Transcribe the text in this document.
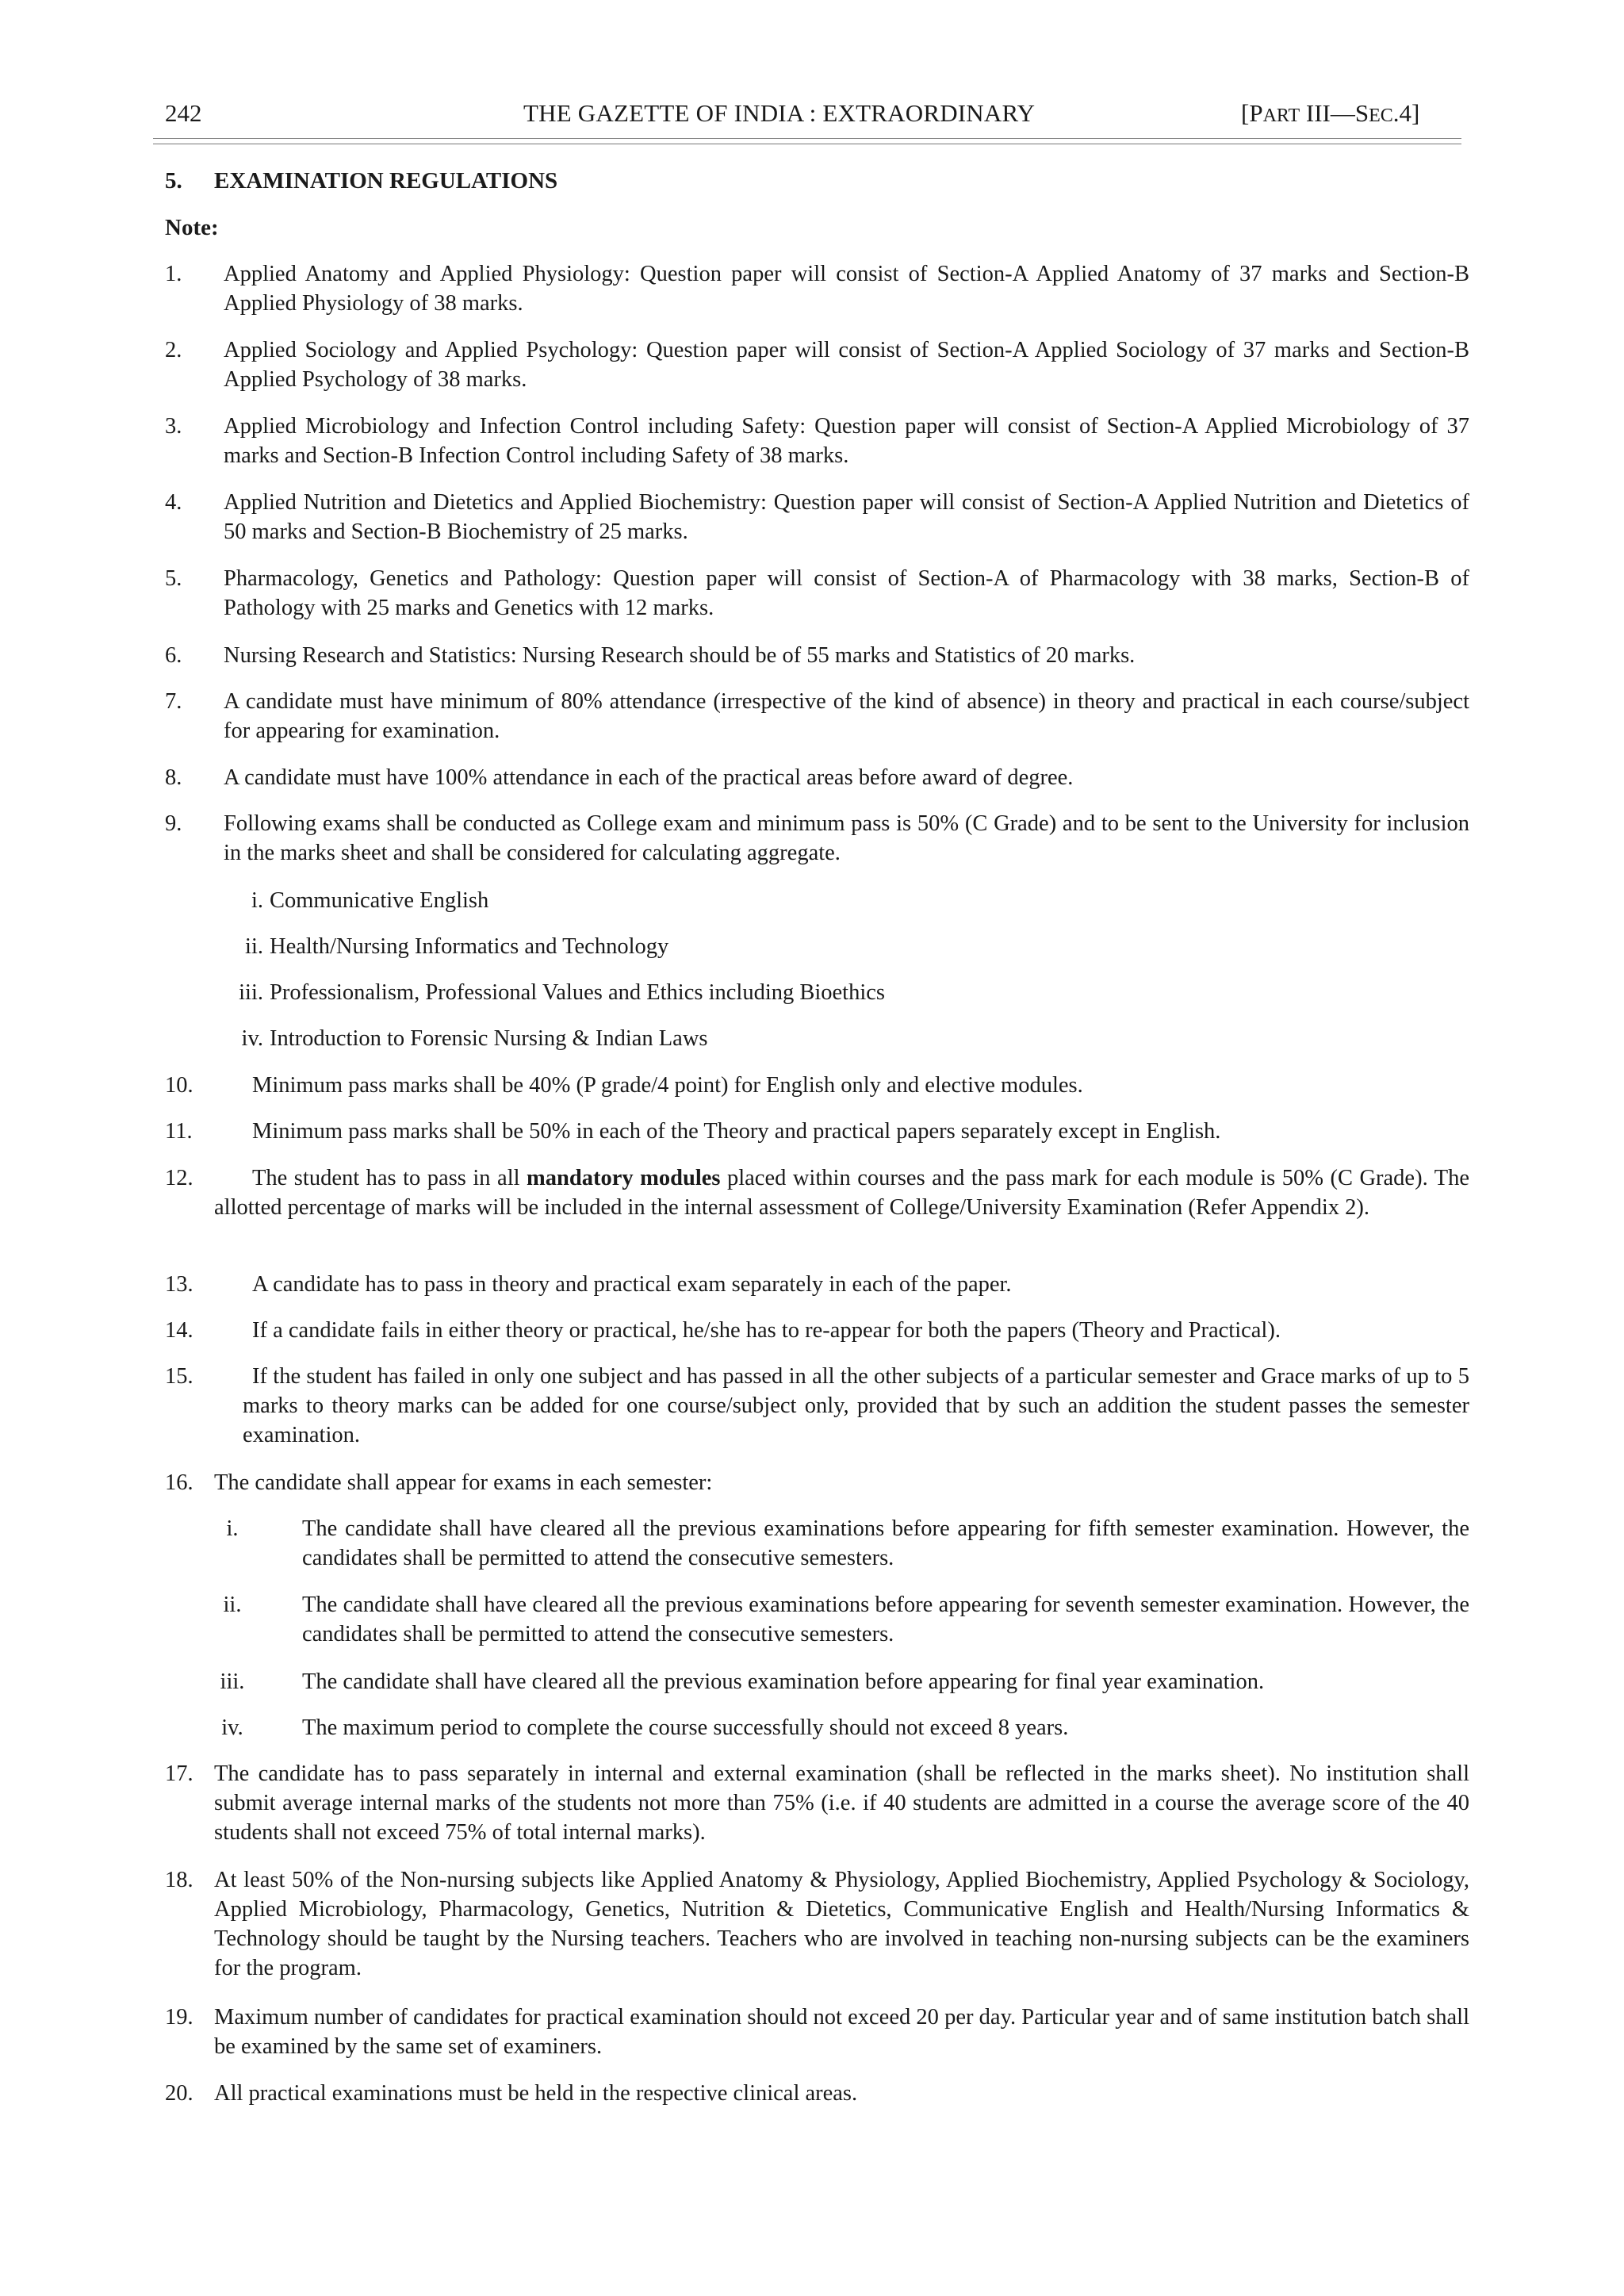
242	THE GAZETTE OF INDIA : EXTRAORDINARY	[PART III—SEC.4]
5. EXAMINATION REGULATIONS
Note:
1. Applied Anatomy and Applied Physiology: Question paper will consist of Section-A Applied Anatomy of 37 marks and Section-B Applied Physiology of 38 marks.
2. Applied Sociology and Applied Psychology: Question paper will consist of Section-A Applied Sociology of 37 marks and Section-B Applied Psychology of 38 marks.
3. Applied Microbiology and Infection Control including Safety: Question paper will consist of Section-A Applied Microbiology of 37 marks and Section-B Infection Control including Safety of 38 marks.
4. Applied Nutrition and Dietetics and Applied Biochemistry: Question paper will consist of Section-A Applied Nutrition and Dietetics of 50 marks and Section-B Biochemistry of 25 marks.
5. Pharmacology, Genetics and Pathology: Question paper will consist of Section-A of Pharmacology with 38 marks, Section-B of Pathology with 25 marks and Genetics with 12 marks.
6. Nursing Research and Statistics: Nursing Research should be of 55 marks and Statistics of 20 marks.
7. A candidate must have minimum of 80% attendance (irrespective of the kind of absence) in theory and practical in each course/subject for appearing for examination.
8. A candidate must have 100% attendance in each of the practical areas before award of degree.
9. Following exams shall be conducted as College exam and minimum pass is 50% (C Grade) and to be sent to the University for inclusion in the marks sheet and shall be considered for calculating aggregate.
i. Communicative English
ii. Health/Nursing Informatics and Technology
iii. Professionalism, Professional Values and Ethics including Bioethics
iv. Introduction to Forensic Nursing & Indian Laws
10.	Minimum pass marks shall be 40% (P grade/4 point) for English only and elective modules.
11.	Minimum pass marks shall be 50% in each of the Theory and practical papers separately except in English.
12.	The student has to pass in all mandatory modules placed within courses and the pass mark for each module is 50% (C Grade). The allotted percentage of marks will be included in the internal assessment of College/University Examination (Refer Appendix 2).
13.	A candidate has to pass in theory and practical exam separately in each of the paper.
14.	If a candidate fails in either theory or practical, he/she has to re-appear for both the papers (Theory and Practical).
15.	If the student has failed in only one subject and has passed in all the other subjects of a particular semester and Grace marks of up to 5 marks to theory marks can be added for one course/subject only, provided that by such an addition the student passes the semester examination.
16. The candidate shall appear for exams in each semester:
i.	The candidate shall have cleared all the previous examinations before appearing for fifth semester examination. However, the candidates shall be permitted to attend the consecutive semesters.
ii.	The candidate shall have cleared all the previous examinations before appearing for seventh semester examination. However, the candidates shall be permitted to attend the consecutive semesters.
iii.	The candidate shall have cleared all the previous examination before appearing for final year examination.
iv.	The maximum period to complete the course successfully should not exceed 8 years.
17. The candidate has to pass separately in internal and external examination (shall be reflected in the marks sheet). No institution shall submit average internal marks of the students not more than 75% (i.e. if 40 students are admitted in a course the average score of the 40 students shall not exceed 75% of total internal marks).
18. At least 50% of the Non-nursing subjects like Applied Anatomy & Physiology, Applied Biochemistry, Applied Psychology & Sociology, Applied Microbiology, Pharmacology, Genetics, Nutrition & Dietetics, Communicative English and Health/Nursing Informatics & Technology should be taught by the Nursing teachers. Teachers who are involved in teaching non-nursing subjects can be the examiners for the program.
19. Maximum number of candidates for practical examination should not exceed 20 per day. Particular year and of same institution batch shall be examined by the same set of examiners.
20. All practical examinations must be held in the respective clinical areas.
